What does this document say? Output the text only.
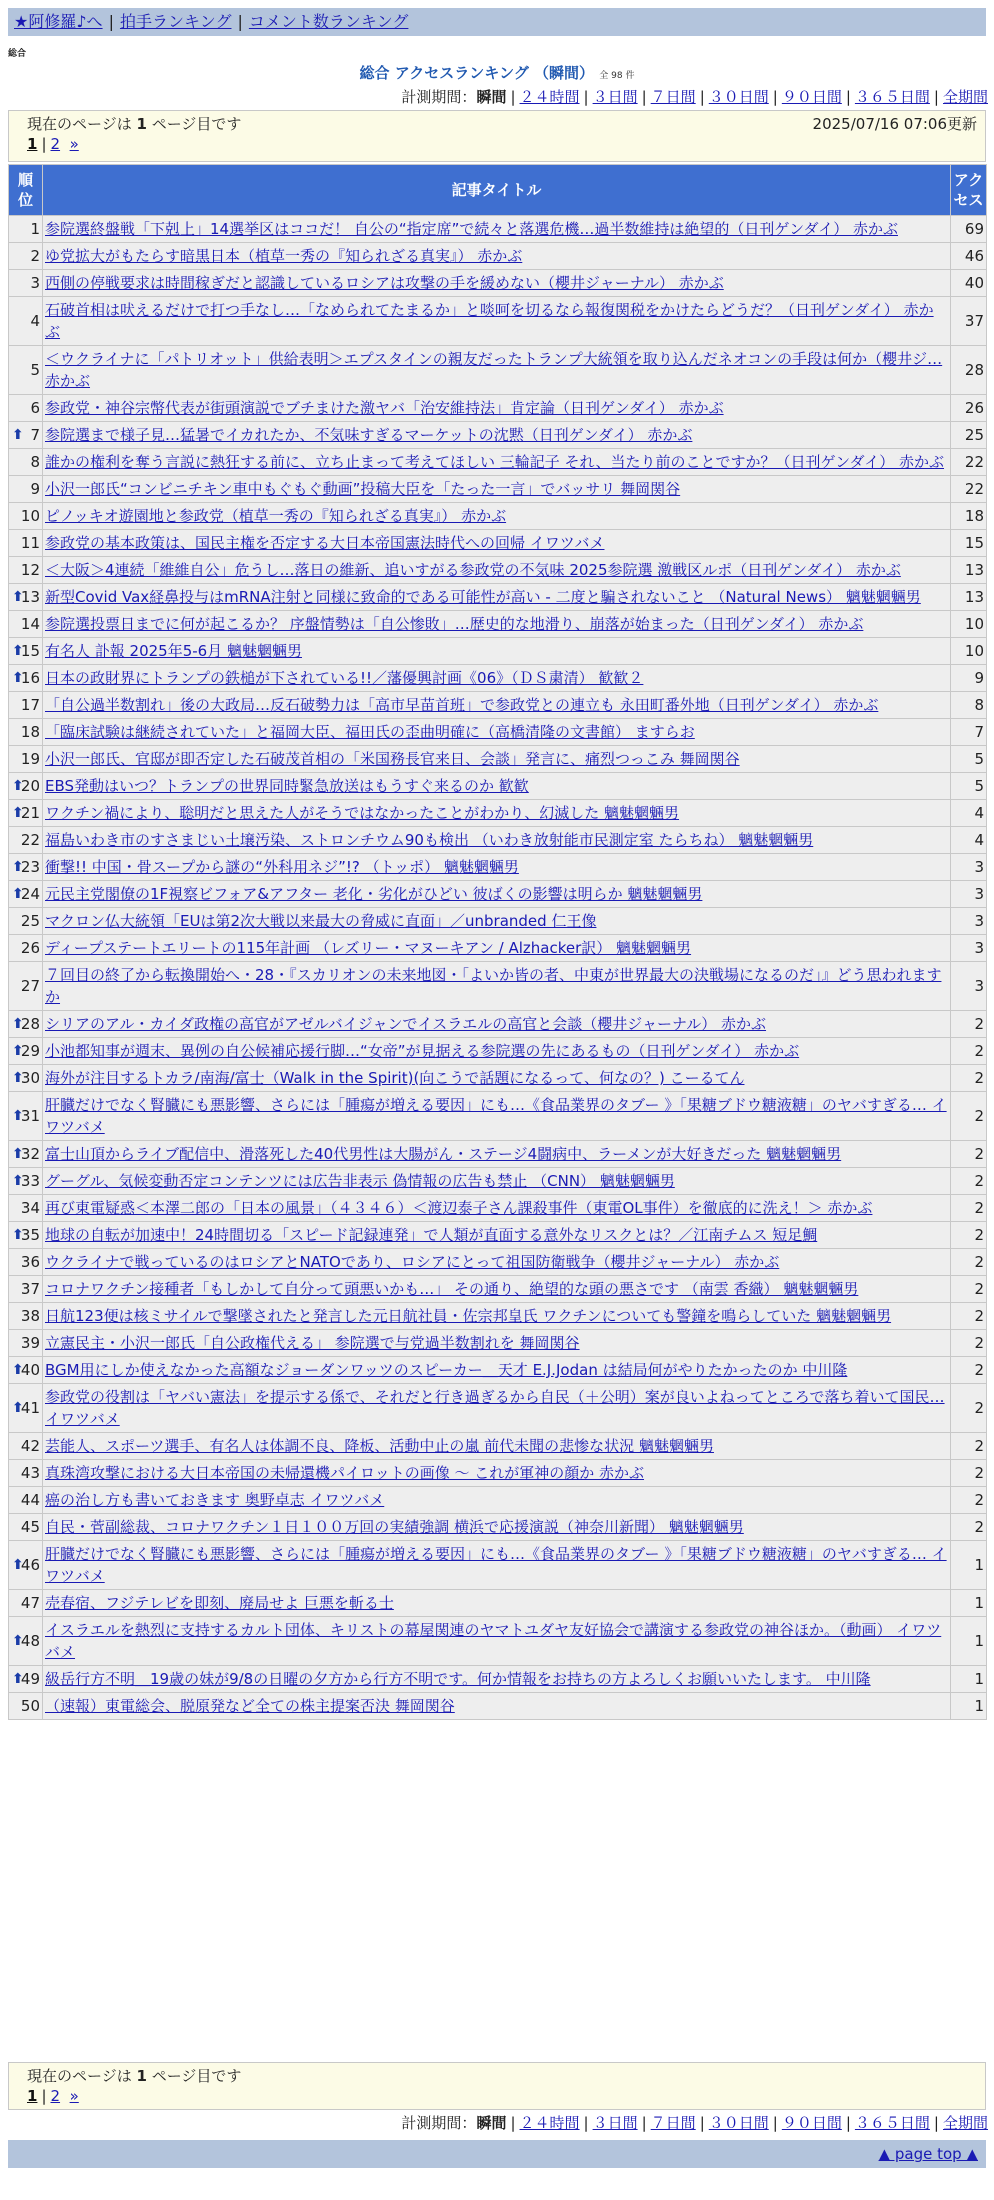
★阿修羅♪へ | 拍手ランキング | コメント数ランキング
総合
総合 アクセスランキング （瞬間） 全 98 件
計測期間：瞬間 | ２４時間 | ３日間 | ７日間 | ３０日間 | ９０日間 | ３６５日間 | 全期間
現在のページは 1 ページ目です	2025/07/16 07:06更新
1 | 2 »
順位	記事タイトル	アクセス
1	参院選終盤戦「下剋上」14選挙区はココだ！ 自公の“指定席”で続々と落選危機…過半数維持は絶望的（日刊ゲンダイ） 赤かぶ	69
2	ゆ党拡大がもたらす暗黒日本（植草一秀の『知られざる真実』） 赤かぶ	46
3	西側の停戦要求は時間稼ぎだと認識しているロシアは攻撃の手を緩めない（櫻井ジャーナル） 赤かぶ	40
4	石破首相は吠えるだけで打つ手なし…「なめられてたまるか」と啖呵を切るなら報復関税をかけたらどうだ？（日刊ゲンダイ） 赤かぶ	37
5	＜ウクライナに「パトリオット」供給表明＞エプスタインの親友だったトランプ大統領を取り込んだネオコンの手段は何か（櫻井ジ… 赤かぶ	28
6	参政党・神谷宗幣代表が街頭演説でブチまけた激ヤバ「治安維持法」肯定論（日刊ゲンダイ） 赤かぶ	26

⬆ 7	参院選まで様子見…猛暑でイカれたか、不気味すぎるマーケットの沈黙（日刊ゲンダイ） 赤かぶ	25
8	誰かの権利を奪う言説に熱狂する前に、立ち止まって考えてほしい 三輪記子 それ、当たり前のことですか？（日刊ゲンダイ） 赤かぶ	22
9	小沢一郎氏“コンビニチキン車中もぐもぐ動画”投稿大臣を「たった一言」でバッサリ 舞岡関谷	22
10	ピノッキオ遊園地と参政党（植草一秀の『知られざる真実』） 赤かぶ	18
11	参政党の基本政策は、国民主権を否定する大日本帝国憲法時代への回帰 イワツバメ	15
12	＜大阪＞4連続「維維自公」危うし…落日の維新、追いすがる参政党の不気味 2025参院選 激戦区ルポ（日刊ゲンダイ） 赤かぶ	13

⬆
13	新型Covid Vax経鼻投与はmRNA注射と同様に致命的である可能性が高い - 二度と騙されないこと （Natural News） 魑魅魍魎男	13
14	参院選投票日までに何が起こるか？ 序盤情勢は「自公惨敗」…歴史的な地滑り、崩落が始まった（日刊ゲンダイ） 赤かぶ	10

⬆
15	有名人 訃報 2025年5-6月 魑魅魍魎男	10

⬆
16	日本の政財界にトランプの鉄槌が下されている!!／藩優興討画《06》（ＤＳ粛清） 歓歓２	9
17	「自公過半数割れ」後の大政局…反石破勢力は「高市早苗首班」で参政党との連立も 永田町番外地（日刊ゲンダイ） 赤かぶ	8
18	「臨床試験は継続されていた」と福岡大臣、福田氏の歪曲明確に（高橋清隆の文書館） ますらお	7
19	小沢一郎氏、官邸が即否定した石破茂首相の「米国務長官来日、会談」発言に、痛烈つっこみ 舞岡関谷	5

⬆
20	EBS発動はいつ？トランプの世界同時緊急放送はもうすぐ来るのか 歓歓	5

⬆
21	ワクチン禍により、聡明だと思えた人がそうではなかったことがわかり、幻滅した 魑魅魍魎男	4
22	福島いわき市のすさまじい土壌汚染、ストロンチウム90も検出 （いわき放射能市民測定室 たらちね） 魑魅魍魎男	4

⬆
23	衝撃!! 中国・骨スープから謎の“外科用ネジ”!? （トッポ） 魑魅魍魎男	3

⬆
24	元民主党閣僚の1F視察ビフォア&アフター 老化・劣化がひどい 彼ばくの影響は明らか 魑魅魍魎男	3
25	マクロン仏大統領「EUは第2次大戦以来最大の脅威に直面」／unbranded 仁王像	3
26	ディープステートエリートの115年計画 （レズリー・マヌーキアン / Alzhacker訳） 魑魅魍魎男	3
27	７回目の終了から転換開始へ・28・『スカリオンの未来地図・「よいか皆の者、中東が世界最大の決戦場になるのだ」』どう思われますか	3

⬆
28	シリアのアル・カイダ政権の高官がアゼルバイジャンでイスラエルの高官と会談（櫻井ジャーナル） 赤かぶ	2

⬆
29	小池都知事が週末、異例の自公候補応援行脚…“女帝”が見据える参院選の先にあるもの（日刊ゲンダイ） 赤かぶ	2

⬆
30	海外が注目するトカラ/南海/富士（Walk in the Spirit)(向こうで話題になるって、何なの？) こーるてん	2

⬆
31	肝臓だけでなく腎臓にも悪影響、さらには「腫瘍が増える要因」にも…《食品業界のタブー 》「果糖ブドウ糖液糖」のヤバすぎる… イワツバメ	2

⬆
32	富士山頂からライブ配信中、滑落死した40代男性は大腸がん・ステージ4闘病中、ラーメンが大好きだった 魑魅魍魎男	2

⬆
33	グーグル、気候変動否定コンテンツには広告非表示 偽情報の広告も禁止 （CNN） 魑魅魍魎男	2
34	再び東電疑惑＜本澤二郎の「日本の風景」（４３４６）＜渡辺泰子さん課殺事件（東電OL事件）を徹底的に洗え！＞ 赤かぶ	2

⬆
35	地球の自転が加速中！24時間切る「スピード記録連発」で人類が直面する意外なリスクとは？／江南チムス 短足鯛	2
36	ウクライナで戦っているのはロシアとNATOであり、ロシアにとって祖国防衛戦争（櫻井ジャーナル） 赤かぶ	2
37	コロナワクチン接種者「もしかして自分って頭悪いかも…」 その通り、絶望的な頭の悪さです （南雲 香織） 魑魅魍魎男	2
38	日航123便は核ミサイルで撃墜されたと発言した元日航社員・佐宗邦皇氏 ワクチンについても警鐘を鳴らしていた 魑魅魍魎男	2
39	立憲民主・小沢一郎氏「自公政権代える」 参院選で与党過半数割れを 舞岡関谷	2

⬆
40	BGM用にしか使えなかった高額なジョーダンワッツのスピーカー＿天才 E.J.Jodan は結局何がやりたかったのか 中川隆	2

⬆
41	参政党の役割は「ヤバい憲法」を提示する係で、それだと行き過ぎるから自民（＋公明）案が良いよねってところで落ち着いて国民… イワツバメ	2
42	芸能人、スポーツ選手、有名人は体調不良、降板、活動中止の嵐 前代未聞の悲惨な状況 魑魅魍魎男	2
43	真珠湾攻撃における大日本帝国の未帰還機パイロットの画像 ～ これが軍神の顔か 赤かぶ	2
44	癌の治し方も書いておきます 奥野卓志 イワツバメ	2
45	自民・菅副総裁、コロナワクチン１日１００万回の実績強調 横浜で応援演説（神奈川新聞） 魑魅魍魎男	2

⬆
46	肝臓だけでなく腎臓にも悪影響、さらには「腫瘍が増える要因」にも…《食品業界のタブー 》「果糖ブドウ糖液糖」のヤバすぎる… イワツバメ	1
47	売春宿、フジテレビを即刻、廃局せよ 巨悪を斬る士	1

⬆
48	イスラエルを熱烈に支持するカルト団体、キリストの幕屋関連のヤマトユダヤ友好協会で講演する参政党の神谷ほか。（動画） イワツバメ	1

⬆
49	級岳行方不明＿19歳の妹が9/8の日曜の夕方から行方不明です。何か情報をお持ちの方よろしくお願いいたします。 中川隆	1
50	（速報）東電総会、脱原発など全ての株主提案否決 舞岡関谷	1
現在のページは 1 ページ目です
1 | 2 »
計測期間：瞬間 | ２４時間 | ３日間 | ７日間 | ３０日間 | ９０日間 | ３６５日間 | 全期間
▲ page top ▲
